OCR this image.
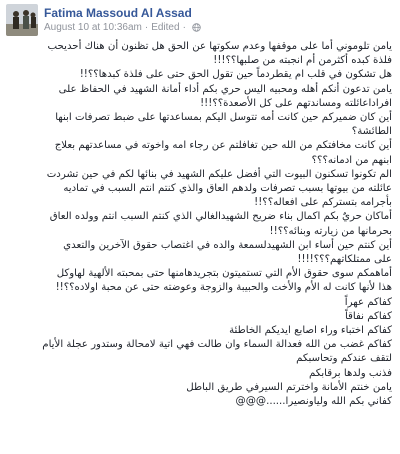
Fatima Massoud Al Assad
August 10 at 10:36am · Edited ·
يامن تلوموني أما على موقفها وعدم سكوتها عن الحق هل تظنون أن هناك أحديحب
فلذة كبده أكثرمن أم انجبته من صلبها؟؟!!!
هل تشكون في قلب ام يقطردماً حين تقول الحق حتى على فلذة كبدها؟؟!!
يامن تدعون أنكم أهله ومحبيه اليس حري بكم أداء أمانة الشهيد في الحفاظ على
افراداعائلته ومساندتهم على كل الأصعدة؟؟!!!
أين كان ضميركم حين كانت أمه تتوسل اليكم بمساعدتها على ضبط تصرفات ابنها
الطائشة؟
أين كانت مخافتكم من الله حين تغافلتم عن رجاء امه واخوته في مساعدتهم بعلاج
ابنهم من ادمانه؟؟؟
الم تكونوا تسكنون البيوت التي أفضل عليكم الشهيد في بنائها لكم في حين تشردت
عائلته من بيوتها بسبب تصرفات ولدهم العاق والذي كنتم انتم السبب في تماديه
بأجرامه بتستركم على افعاله؟؟!!
أماكان حريٌ بكم اكمال بناء ضريح الشهيدالغالي الذي كنتم السبب انتم وولده العاق
بحرمانها من زيارته وبنائه؟؟!!
أين كنتم حين أساء ابن الشهيدلسمعة والده في اغتصاب حقوق الآخرين والتعدي
على ممتلكاتهم؟؟؟!!!!
أماهمكم سوى حقوق الأم التي تستميتون بتجريدهامنها حتى بمحبته الألهية لهاوكل
هذا لأنها كانت له الأم والأخت والحبيبة والزوجة وعوضته حتى عن محبة اولاده؟؟!!
كفاكم عهراً
كفاكم نفاقاً
كفاكم اختباء وراء اصابع ايديكم الخاطئة
كفاكم غضب من الله فعدالة السماء وان طالت فهي اتية لامحالة وستدور عجلة الأيام
لتقف عندكم وتحاسبكم
فذنب ولدها برقابكم
يامن خنتم الأمانة واخترتم السيرفي طريق الباطل
كفاني بكم الله ولياونصيرا......@@@
